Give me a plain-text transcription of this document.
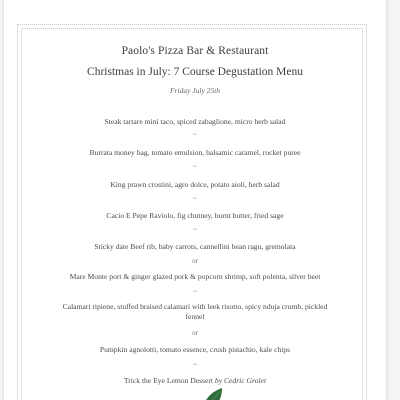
Paolo's Pizza Bar & Restaurant
Christmas in July: 7 Course Degustation Menu
Friday July 25th
Steak tartare mini taco, spiced zabaglione, micro herb salad
~
Burrata money bag, tomato emulsion, balsamic caramel, rocket puree
~
King prawn crostini, agro dolce, potato aioli, herb salad
~
Cacio E Pepe Raviolo, fig chutney, burnt butter, fried sage
~
Sticky date Beef rib, baby carrots, cannellini bean ragu, gremolata
or
Mare Monte port & ginger glazed pork & popcorn shrimp, soft polenta, silver beet
~
Calamari ripiene, stuffed braised calamari with leek risotto, spicy nduja crumb, pickled fennel
or
Pumpkin agnolotti, tomato essence, crush pistachio, kale chips
~
Trick the Eye Lemon Dessert by Cedric Grolet
